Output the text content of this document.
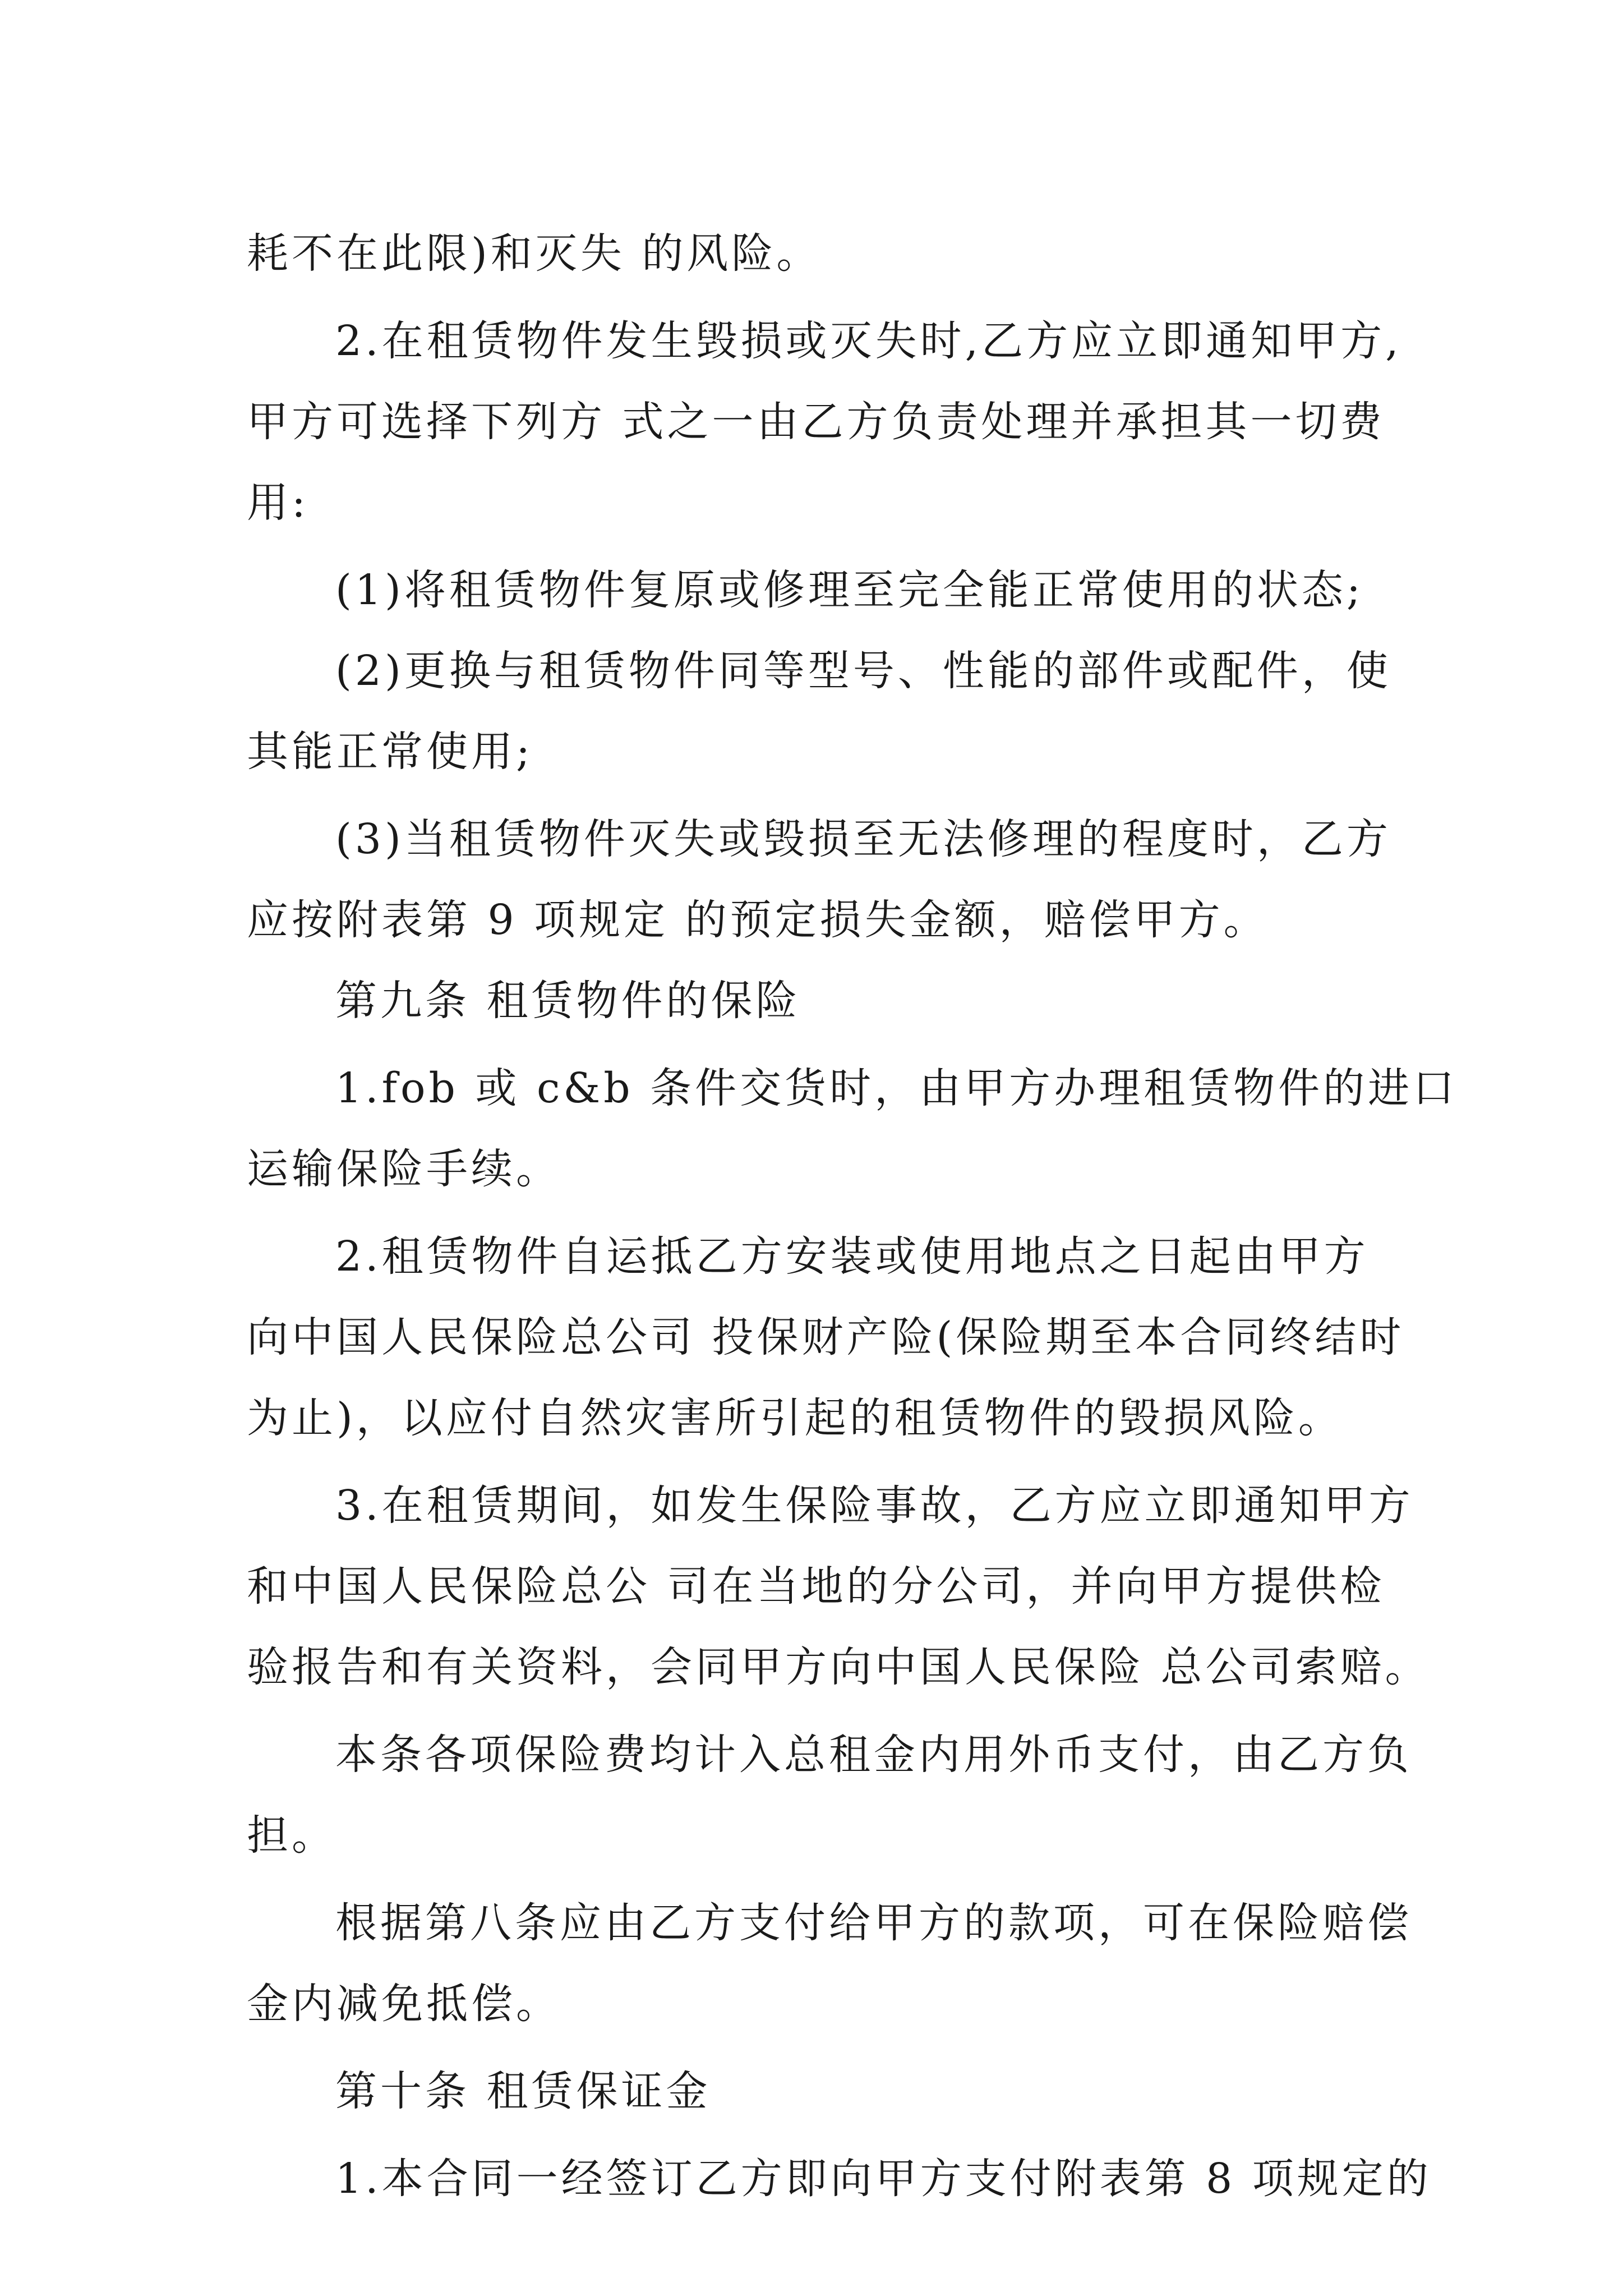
耗不在此限)和灭失 的风险。
2.在租赁物件发生毁损或灭失时,乙方应立即通知甲方,
甲方可选择下列方 式之一由乙方负责处理并承担其一切费
用:
(1)将租赁物件复原或修理至完全能正常使用的状态;
(2)更换与租赁物件同等型号、性能的部件或配件，使
其能正常使用;
(3)当租赁物件灭失或毁损至无法修理的程度时，乙方
应按附表第 9 项规定 的预定损失金额，赔偿甲方。
第九条 租赁物件的保险
1.fob 或 c&b 条件交货时，由甲方办理租赁物件的进口
运输保险手续。
2.租赁物件自运抵乙方安装或使用地点之日起由甲方
向中国人民保险总公司 投保财产险(保险期至本合同终结时
为止)，以应付自然灾害所引起的租赁物件的毁损风险。
3.在租赁期间，如发生保险事故，乙方应立即通知甲方
和中国人民保险总公 司在当地的分公司，并向甲方提供检
验报告和有关资料，会同甲方向中国人民保险 总公司索赔。
本条各项保险费均计入总租金内用外币支付，由乙方负
担。
根据第八条应由乙方支付给甲方的款项，可在保险赔偿
金内减免抵偿。
第十条 租赁保证金
1.本合同一经签订乙方即向甲方支付附表第 8 项规定的
